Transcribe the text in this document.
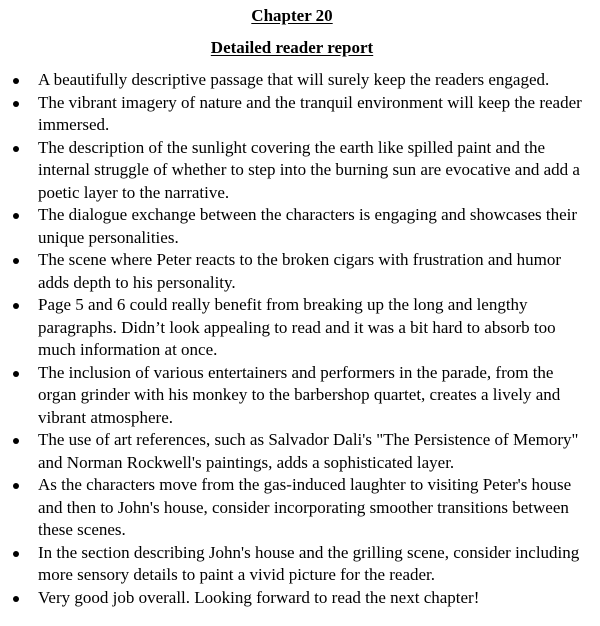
Chapter 20
Detailed reader report
A beautifully descriptive passage that will surely keep the readers engaged.
The vibrant imagery of nature and the tranquil environment will keep the reader immersed.
The description of the sunlight covering the earth like spilled paint and the internal struggle of whether to step into the burning sun are evocative and add a poetic layer to the narrative.
The dialogue exchange between the characters is engaging and showcases their unique personalities.
The scene where Peter reacts to the broken cigars with frustration and humor adds depth to his personality.
Page 5 and 6 could really benefit from breaking up the long and lengthy paragraphs. Didn’t look appealing to read and it was a bit hard to absorb too much information at once.
The inclusion of various entertainers and performers in the parade, from the organ grinder with his monkey to the barbershop quartet, creates a lively and vibrant atmosphere.
The use of art references, such as Salvador Dali's "The Persistence of Memory" and Norman Rockwell's paintings, adds a sophisticated layer.
As the characters move from the gas-induced laughter to visiting Peter's house and then to John's house, consider incorporating smoother transitions between these scenes.
In the section describing John's house and the grilling scene, consider including more sensory details to paint a vivid picture for the reader.
Very good job overall. Looking forward to read the next chapter!
